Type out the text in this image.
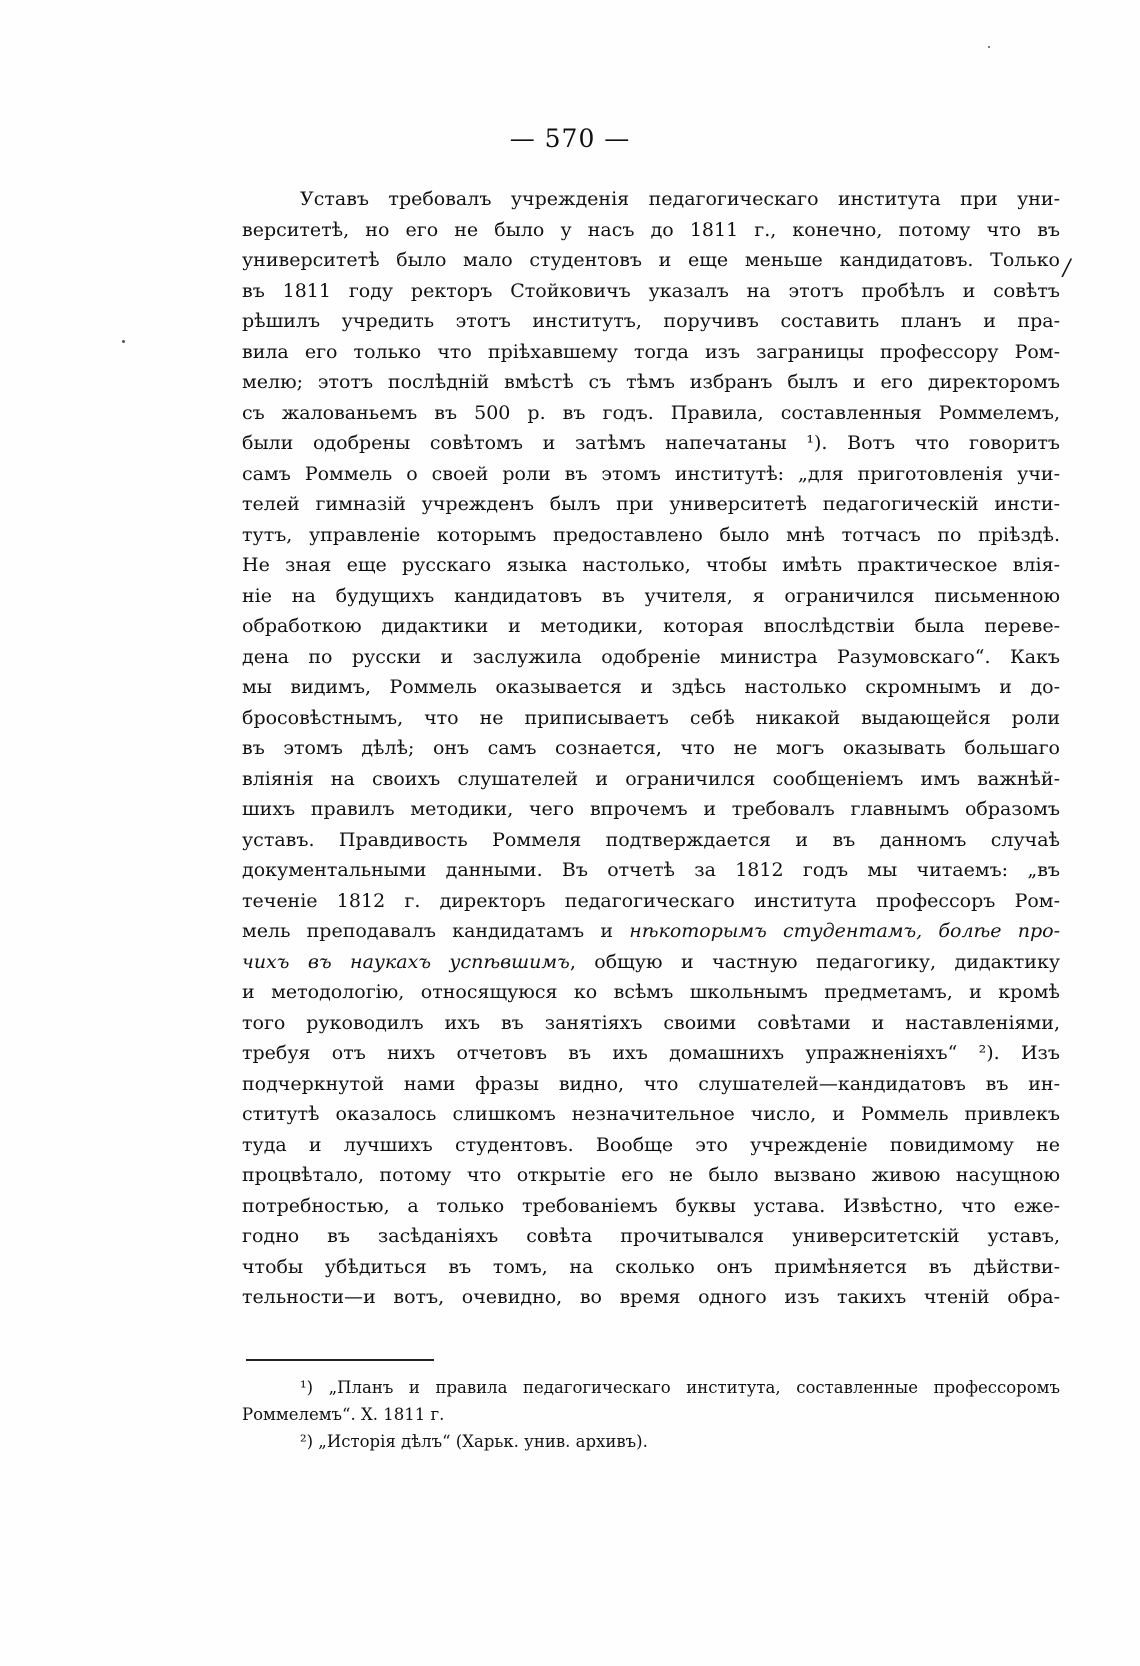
— 570 —
/
Уставъ требовалъ учрежденія педагогическаго института при уни-
верситетѣ, но его не было у насъ до 1811 г., конечно, потому что въ
университетѣ было мало студентовъ и еще меньше кандидатовъ. Только
въ 1811 году ректоръ Стойковичъ указалъ на этотъ пробѣлъ и совѣтъ
рѣшилъ учредить этотъ институтъ, поручивъ составить планъ и пра-
вила его только что пріѣхавшему тогда изъ заграницы профессору Ром-
мелю; этотъ послѣдній вмѣстѣ съ тѣмъ избранъ былъ и его директоромъ
съ жалованьемъ въ 500 р. въ годъ. Правила, составленныя Роммелемъ,
были одобрены совѣтомъ и затѣмъ напечатаны ¹). Вотъ что говоритъ
самъ Роммель о своей роли въ этомъ институтѣ: „для приготовленія учи-
телей гимназій учрежденъ былъ при университетѣ педагогическій инсти-
тутъ, управленіе которымъ предоставлено было мнѣ тотчасъ по пріѣздѣ.
Не зная еще русскаго языка настолько, чтобы имѣть практическое влія-
ніе на будущихъ кандидатовъ въ учителя, я ограничился письменною
обработкою дидактики и методики, которая впослѣдствіи была переве-
дена по русски и заслужила одобреніе министра Разумовскаго“. Какъ
мы видимъ, Роммель оказывается и здѣсь настолько скромнымъ и до-
бросовѣстнымъ, что не приписываетъ себѣ никакой выдающейся роли
въ этомъ дѣлѣ; онъ самъ сознается, что не могъ оказывать большаго
вліянія на своихъ слушателей и ограничился сообщеніемъ имъ важнѣй-
шихъ правилъ методики, чего впрочемъ и требовалъ главнымъ образомъ
уставъ. Правдивость Роммеля подтверждается и въ данномъ случаѣ
документальными данными. Въ отчетѣ за 1812 годъ мы читаемъ: „въ
теченіе 1812 г. директоръ педагогическаго института профессоръ Ром-
мель преподавалъ кандидатамъ и нѣкоторымъ студентамъ, болѣе про-
чихъ въ наукахъ успѣвшимъ, общую и частную педагогику, дидактику
и методологію, относящуюся ко всѣмъ школьнымъ предметамъ, и кромѣ
того руководилъ ихъ въ занятіяхъ своими совѣтами и наставленіями,
требуя отъ нихъ отчетовъ въ ихъ домашнихъ упражненіяхъ“ ²). Изъ
подчеркнутой нами фразы видно, что слушателей—кандидатовъ въ ин-
ститутѣ оказалось слишкомъ незначительное число, и Роммель привлекъ
туда и лучшихъ студентовъ. Вообще это учрежденіе повидимому не
процвѣтало, потому что открытіе его не было вызвано живою насущною
потребностью, а только требованіемъ буквы устава. Извѣстно, что еже-
годно въ засѣданіяхъ совѣта прочитывался университетскій уставъ,
чтобы убѣдиться въ томъ, на сколько онъ примѣняется въ дѣйстви-
тельности—и вотъ, очевидно, во время одного изъ такихъ чтеній обра-
¹) „Планъ и правила педагогическаго института, составленные профессоромъ
Роммелемъ“. X. 1811 г.
²) „Исторія дѣлъ“ (Харьк. унив. архивъ).
